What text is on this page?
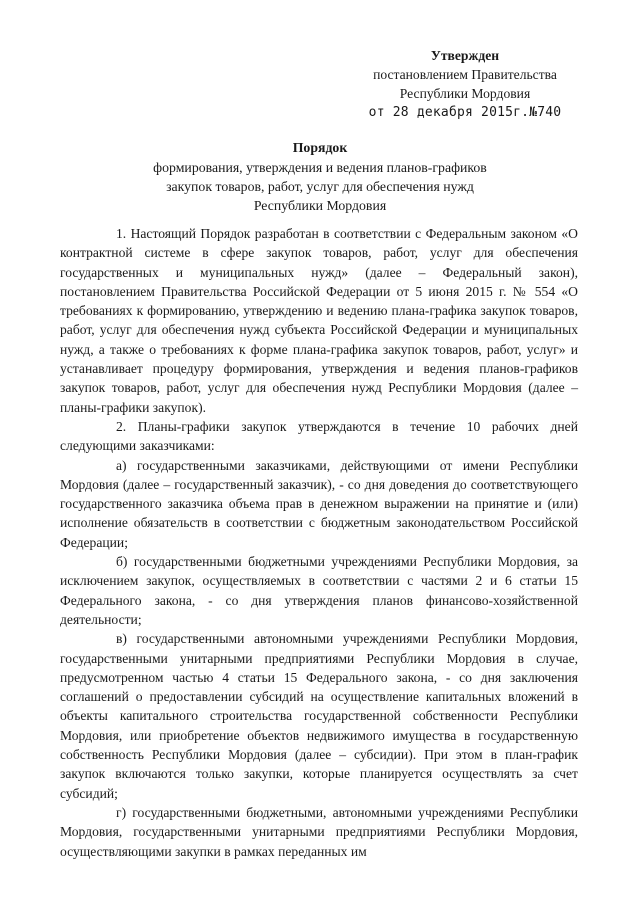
Утвержден
постановлением Правительства
Республики Мордовия
от 28 декабря 2015г.№740
Порядок
формирования, утверждения и ведения планов-графиков
закупок товаров, работ, услуг для обеспечения нужд
Республики Мордовия

1. Настоящий Порядок разработан в соответствии с Федеральным законом «О контрактной системе в сфере закупок товаров, работ, услуг для обеспечения государственных и муниципальных нужд» (далее – Федеральный закон), постановлением Правительства Российской Федерации от 5 июня 2015 г. № 554 «О требованиях к формированию, утверждению и ведению плана-графика закупок товаров, работ, услуг для обеспечения нужд субъекта Российской Федерации и муниципальных нужд, а также о требованиях к форме плана-графика закупок товаров, работ, услуг» и устанавливает процедуру формирования, утверждения и ведения планов-графиков закупок товаров, работ, услуг для обеспечения нужд Республики Мордовия (далее – планы-графики закупок).

2. Планы-графики закупок утверждаются в течение 10 рабочих дней следующими заказчиками:

а) государственными заказчиками, действующими от имени Республики Мордовия (далее – государственный заказчик), - со дня доведения до соответствующего государственного заказчика объема прав в денежном выражении на принятие и (или) исполнение обязательств в соответствии с бюджетным законодательством Российской Федерации;

б) государственными бюджетными учреждениями Республики Мордовия, за исключением закупок, осуществляемых в соответствии с частями 2 и 6 статьи 15 Федерального закона, - со дня утверждения планов финансово-хозяйственной деятельности;

в) государственными автономными учреждениями Республики Мордовия, государственными унитарными предприятиями Республики Мордовия в случае, предусмотренном частью 4 статьи 15 Федерального закона, - со дня заключения соглашений о предоставлении субсидий на осуществление капитальных вложений в объекты капитального строительства государственной собственности Республики Мордовия, или приобретение объектов недвижимого имущества в государственную собственность Республики Мордовия (далее – субсидии). При этом в план-график закупок включаются только закупки, которые планируется осуществлять за счет субсидий;

г) государственными бюджетными, автономными учреждениями Республики Мордовия, государственными унитарными предприятиями Республики Мордовия, осуществляющими закупки в рамках переданных им
